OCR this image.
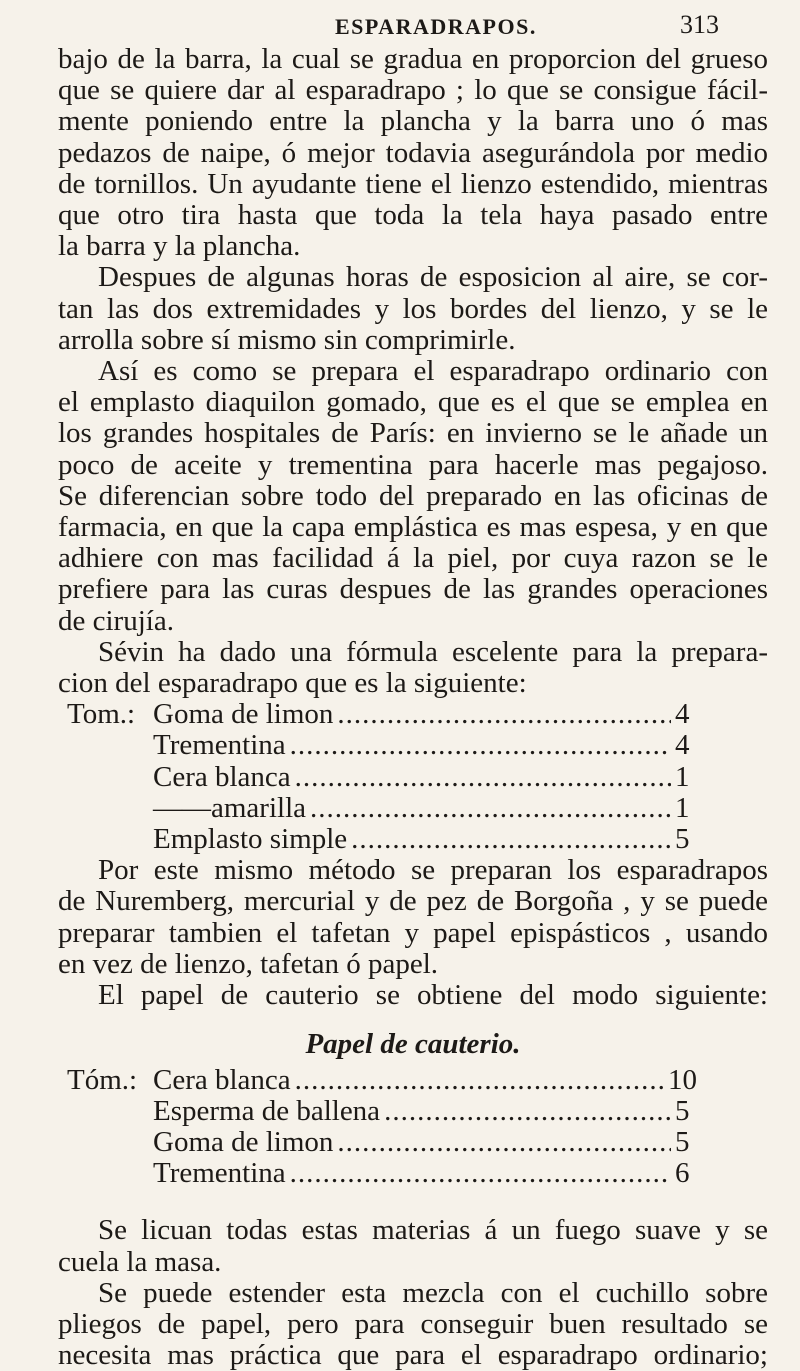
ESPARADRAPOS.	313
bajo de la barra, la cual se gradua en proporcion del grueso
que se quiere dar al esparadrapo ; lo que se consigue fácil-
mente poniendo entre la plancha y la barra uno ó mas
pedazos de naipe, ó mejor todavia asegurándola por medio
de tornillos. Un ayudante tiene el lienzo estendido, mientras
que otro tira hasta que toda la tela haya pasado entre
la barra y la plancha.
Despues de algunas horas de esposicion al aire, se cor-
tan las dos extremidades y los bordes del lienzo, y se le
arrolla sobre sí mismo sin comprimirle.
Así es como se prepara el esparadrapo ordinario con
el emplasto diaquilon gomado, que es el que se emplea en
los grandes hospitales de París: en invierno se le añade un
poco de aceite y trementina para hacerle mas pegajoso.
Se diferencian sobre todo del preparado en las oficinas de
farmacia, en que la capa emplástica es mas espesa, y en que
adhiere con mas facilidad á la piel, por cuya razon se le
prefiere para las curas despues de las grandes operaciones
de cirujía.
Sévin ha dado una fórmula escelente para la prepara-
cion del esparadrapo que es la siguiente:
Tom.: Goma de limon .....	4
Trementina .....	4
Cera blanca .....	1
——amarilla .....	1
Emplasto simple .....	5
Por este mismo método se preparan los esparadrapos
de Nuremberg, mercurial y de pez de Borgoña , y se puede
preparar tambien el tafetan y papel epispásticos , usando
en vez de lienzo, tafetan ó papel.
El papel de cauterio se obtiene del modo siguiente:
Papel de cauterio.
Tóm.: Cera blanca .....	10
Esperma de ballena .....	5
Goma de limon .....	5
Trementina .....	6
Se licuan todas estas materias á un fuego suave y se
cuela la masa.
Se puede estender esta mezcla con el cuchillo sobre
pliegos de papel, pero para conseguir buen resultado se
necesita mas práctica que para el esparadrapo ordinario;
